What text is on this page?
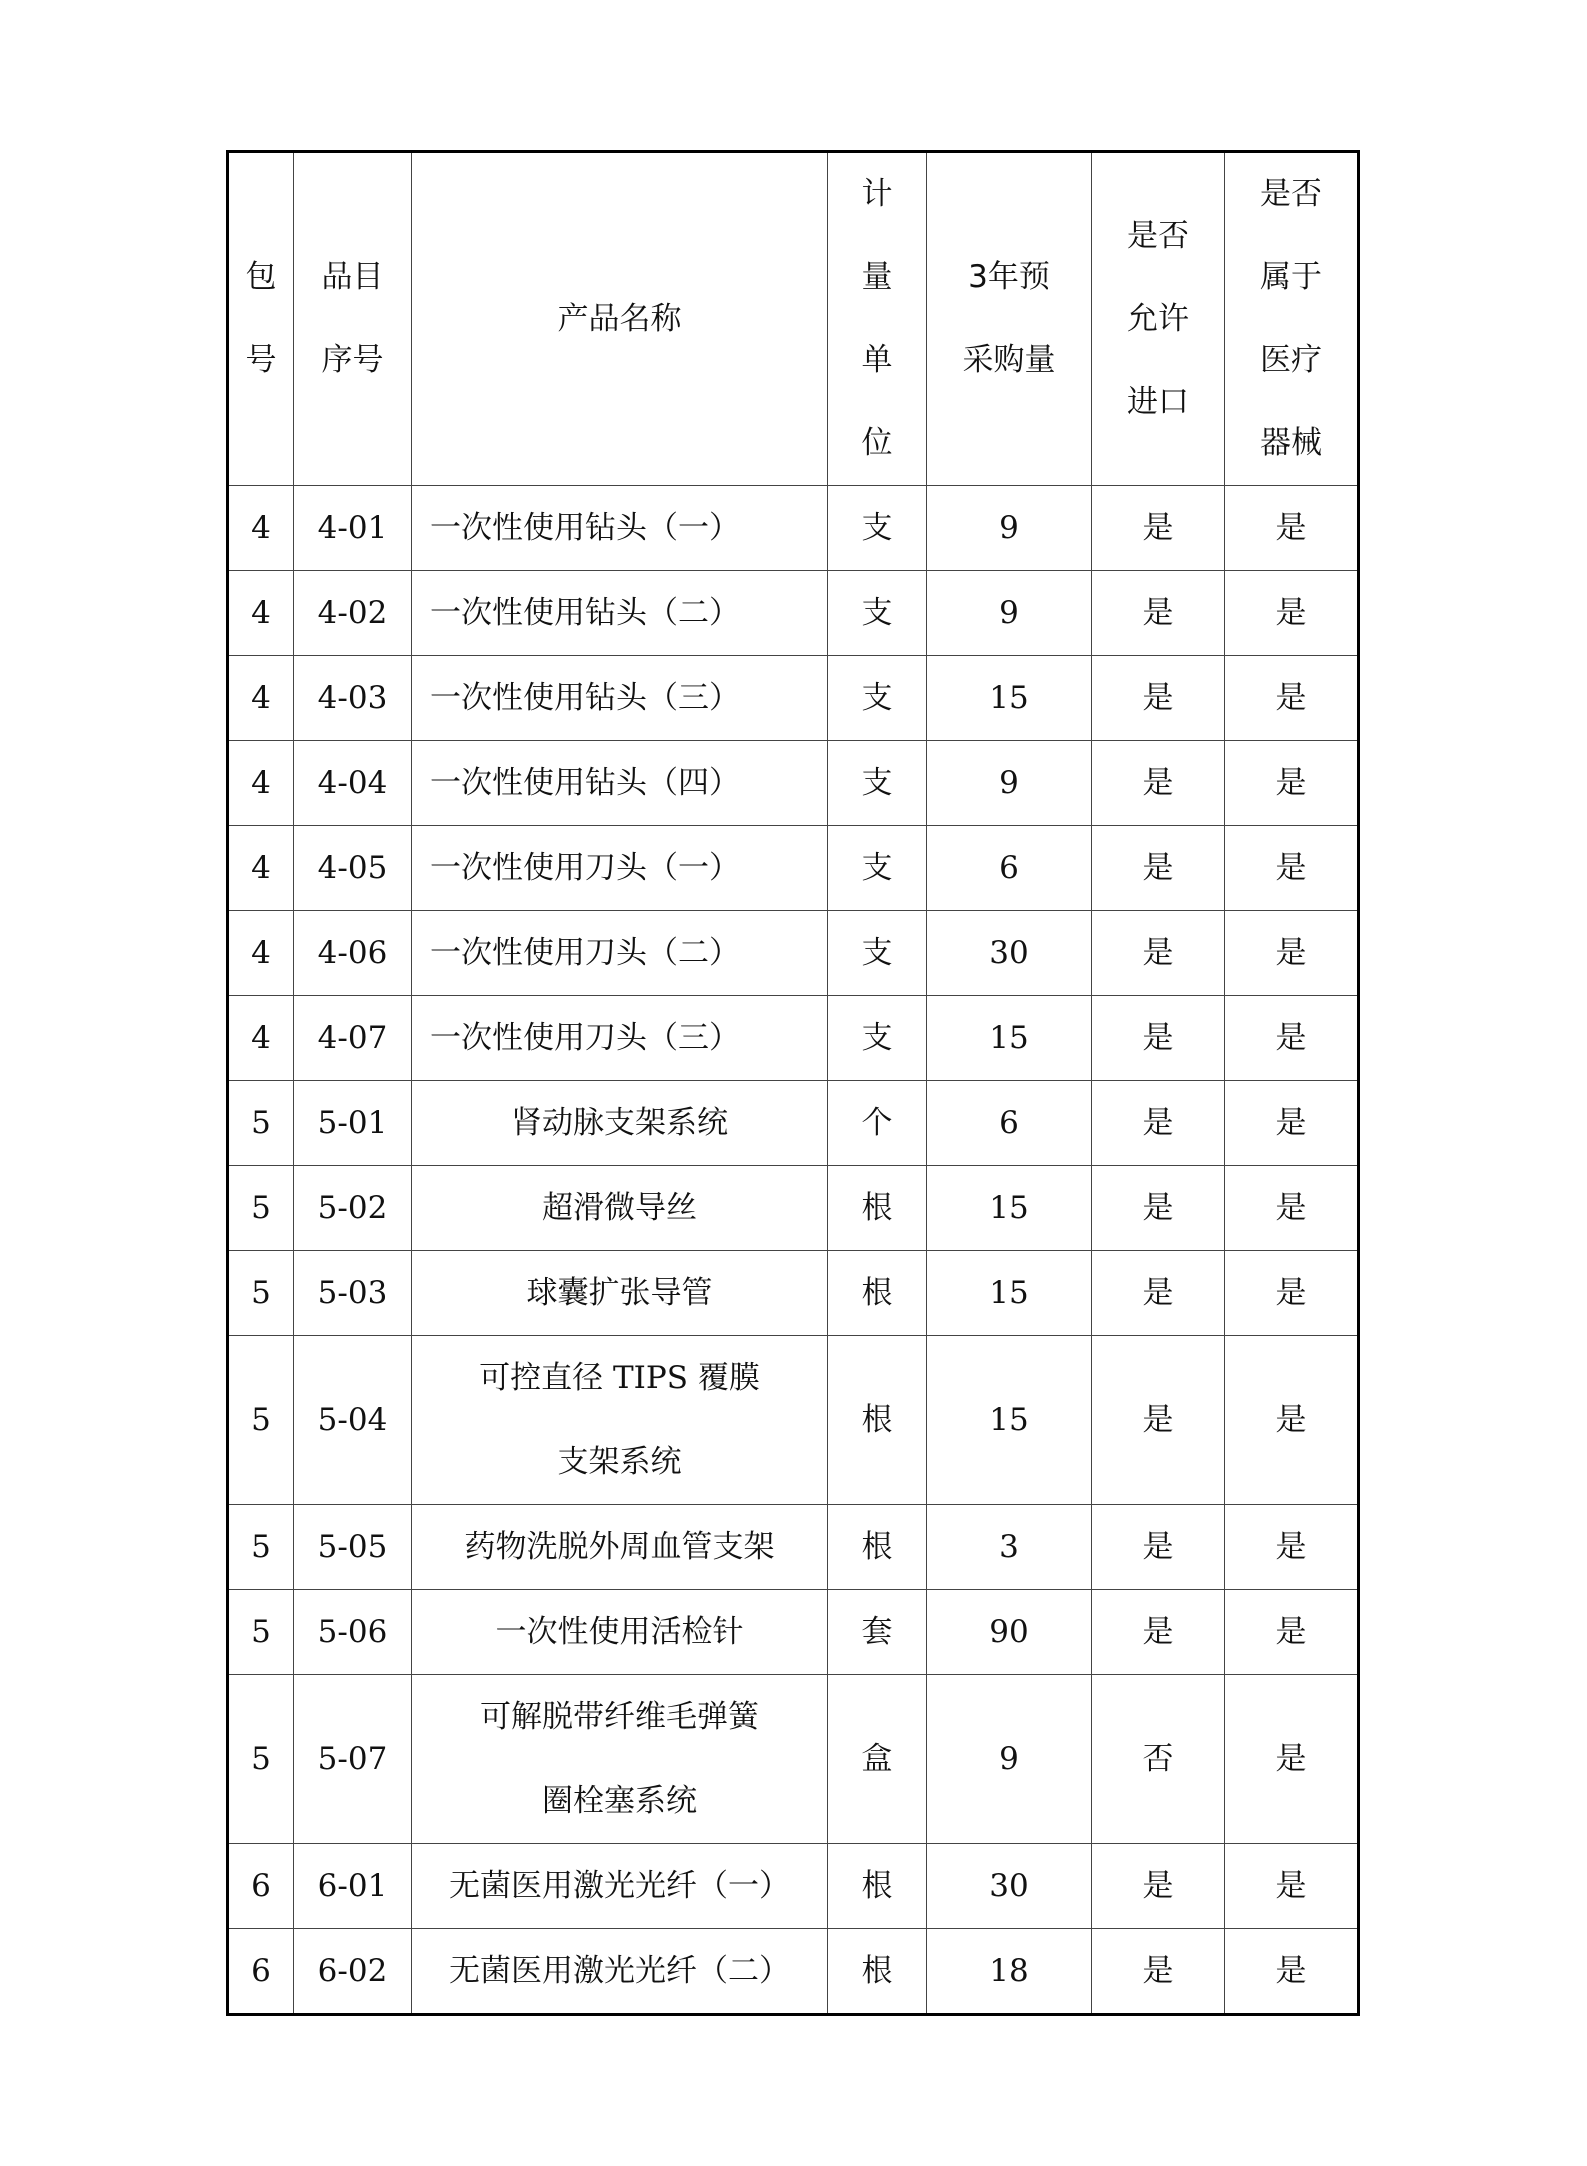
包号	品目序号	产品名称	计量单位	3年预采购量	是否允许进口	是否属于医疗器械
4	4-01	一次性使用钻头（一）	支	9	是	是
4	4-02	一次性使用钻头（二）	支	9	是	是
4	4-03	一次性使用钻头（三）	支	15	是	是
4	4-04	一次性使用钻头（四）	支	9	是	是
4	4-05	一次性使用刀头（一）	支	6	是	是
4	4-06	一次性使用刀头（二）	支	30	是	是
4	4-07	一次性使用刀头（三）	支	15	是	是
5	5-01	肾动脉支架系统	个	6	是	是
5	5-02	超滑微导丝	根	15	是	是
5	5-03	球囊扩张导管	根	15	是	是
5	5-04	可控直径 TIPS 覆膜支架系统	根	15	是	是
5	5-05	药物洗脱外周血管支架	根	3	是	是
5	5-06	一次性使用活检针	套	90	是	是
5	5-07	可解脱带纤维毛弹簧圈栓塞系统	盒	9	否	是
6	6-01	无菌医用激光光纤（一）	根	30	是	是
6	6-02	无菌医用激光光纤（二）	根	18	是	是
